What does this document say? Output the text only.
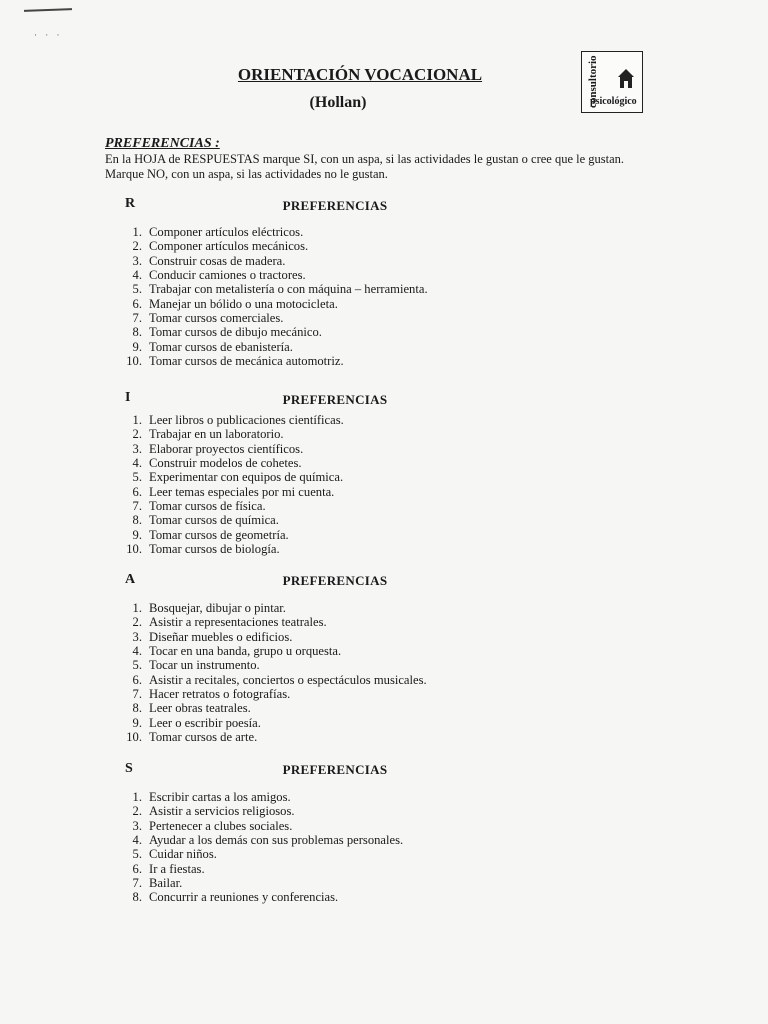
· · ·
ORIENTACIÓN VOCACIONAL
(Hollan)	consultorio
psicológico
PREFERENCIAS :
En la HOJA de RESPUESTAS marque SI, con un aspa, si las actividades le gustan o cree que le gustan.
Marque NO, con un aspa, si las actividades no le gustan.
R	PREFERENCIAS
1. Componer artículos eléctricos.
2. Componer artículos mecánicos.
3. Construir cosas de madera.
4. Conducir camiones o tractores.
5. Trabajar con metalistería o con máquina – herramienta.
6. Manejar un bólido o una motocicleta.
7. Tomar cursos comerciales.
8. Tomar cursos de dibujo mecánico.
9. Tomar cursos de ebanistería.
10. Tomar cursos de mecánica automotriz.
I	PREFERENCIAS
1. Leer libros o publicaciones científicas.
2. Trabajar en un laboratorio.
3. Elaborar proyectos científicos.
4. Construir modelos de cohetes.
5. Experimentar con equipos de química.
6. Leer temas especiales por mi cuenta.
7. Tomar cursos de física.
8. Tomar cursos de química.
9. Tomar cursos de geometría.
10. Tomar cursos de biología.
A	PREFERENCIAS
1. Bosquejar, dibujar o pintar.
2. Asistir a representaciones teatrales.
3. Diseñar muebles o edificios.
4. Tocar en una banda, grupo u orquesta.
5. Tocar un instrumento.
6. Asistir a recitales, conciertos o espectáculos musicales.
7. Hacer retratos o fotografías.
8. Leer obras teatrales.
9. Leer o escribir poesía.
10. Tomar cursos de arte.
S	PREFERENCIAS
1. Escribir cartas a los amigos.
2. Asistir a servicios religiosos.
3. Pertenecer a clubes sociales.
4. Ayudar a los demás con sus problemas personales.
5. Cuidar niños.
6. Ir a fiestas.
7. Bailar.
8. Concurrir a reuniones y conferencias.
